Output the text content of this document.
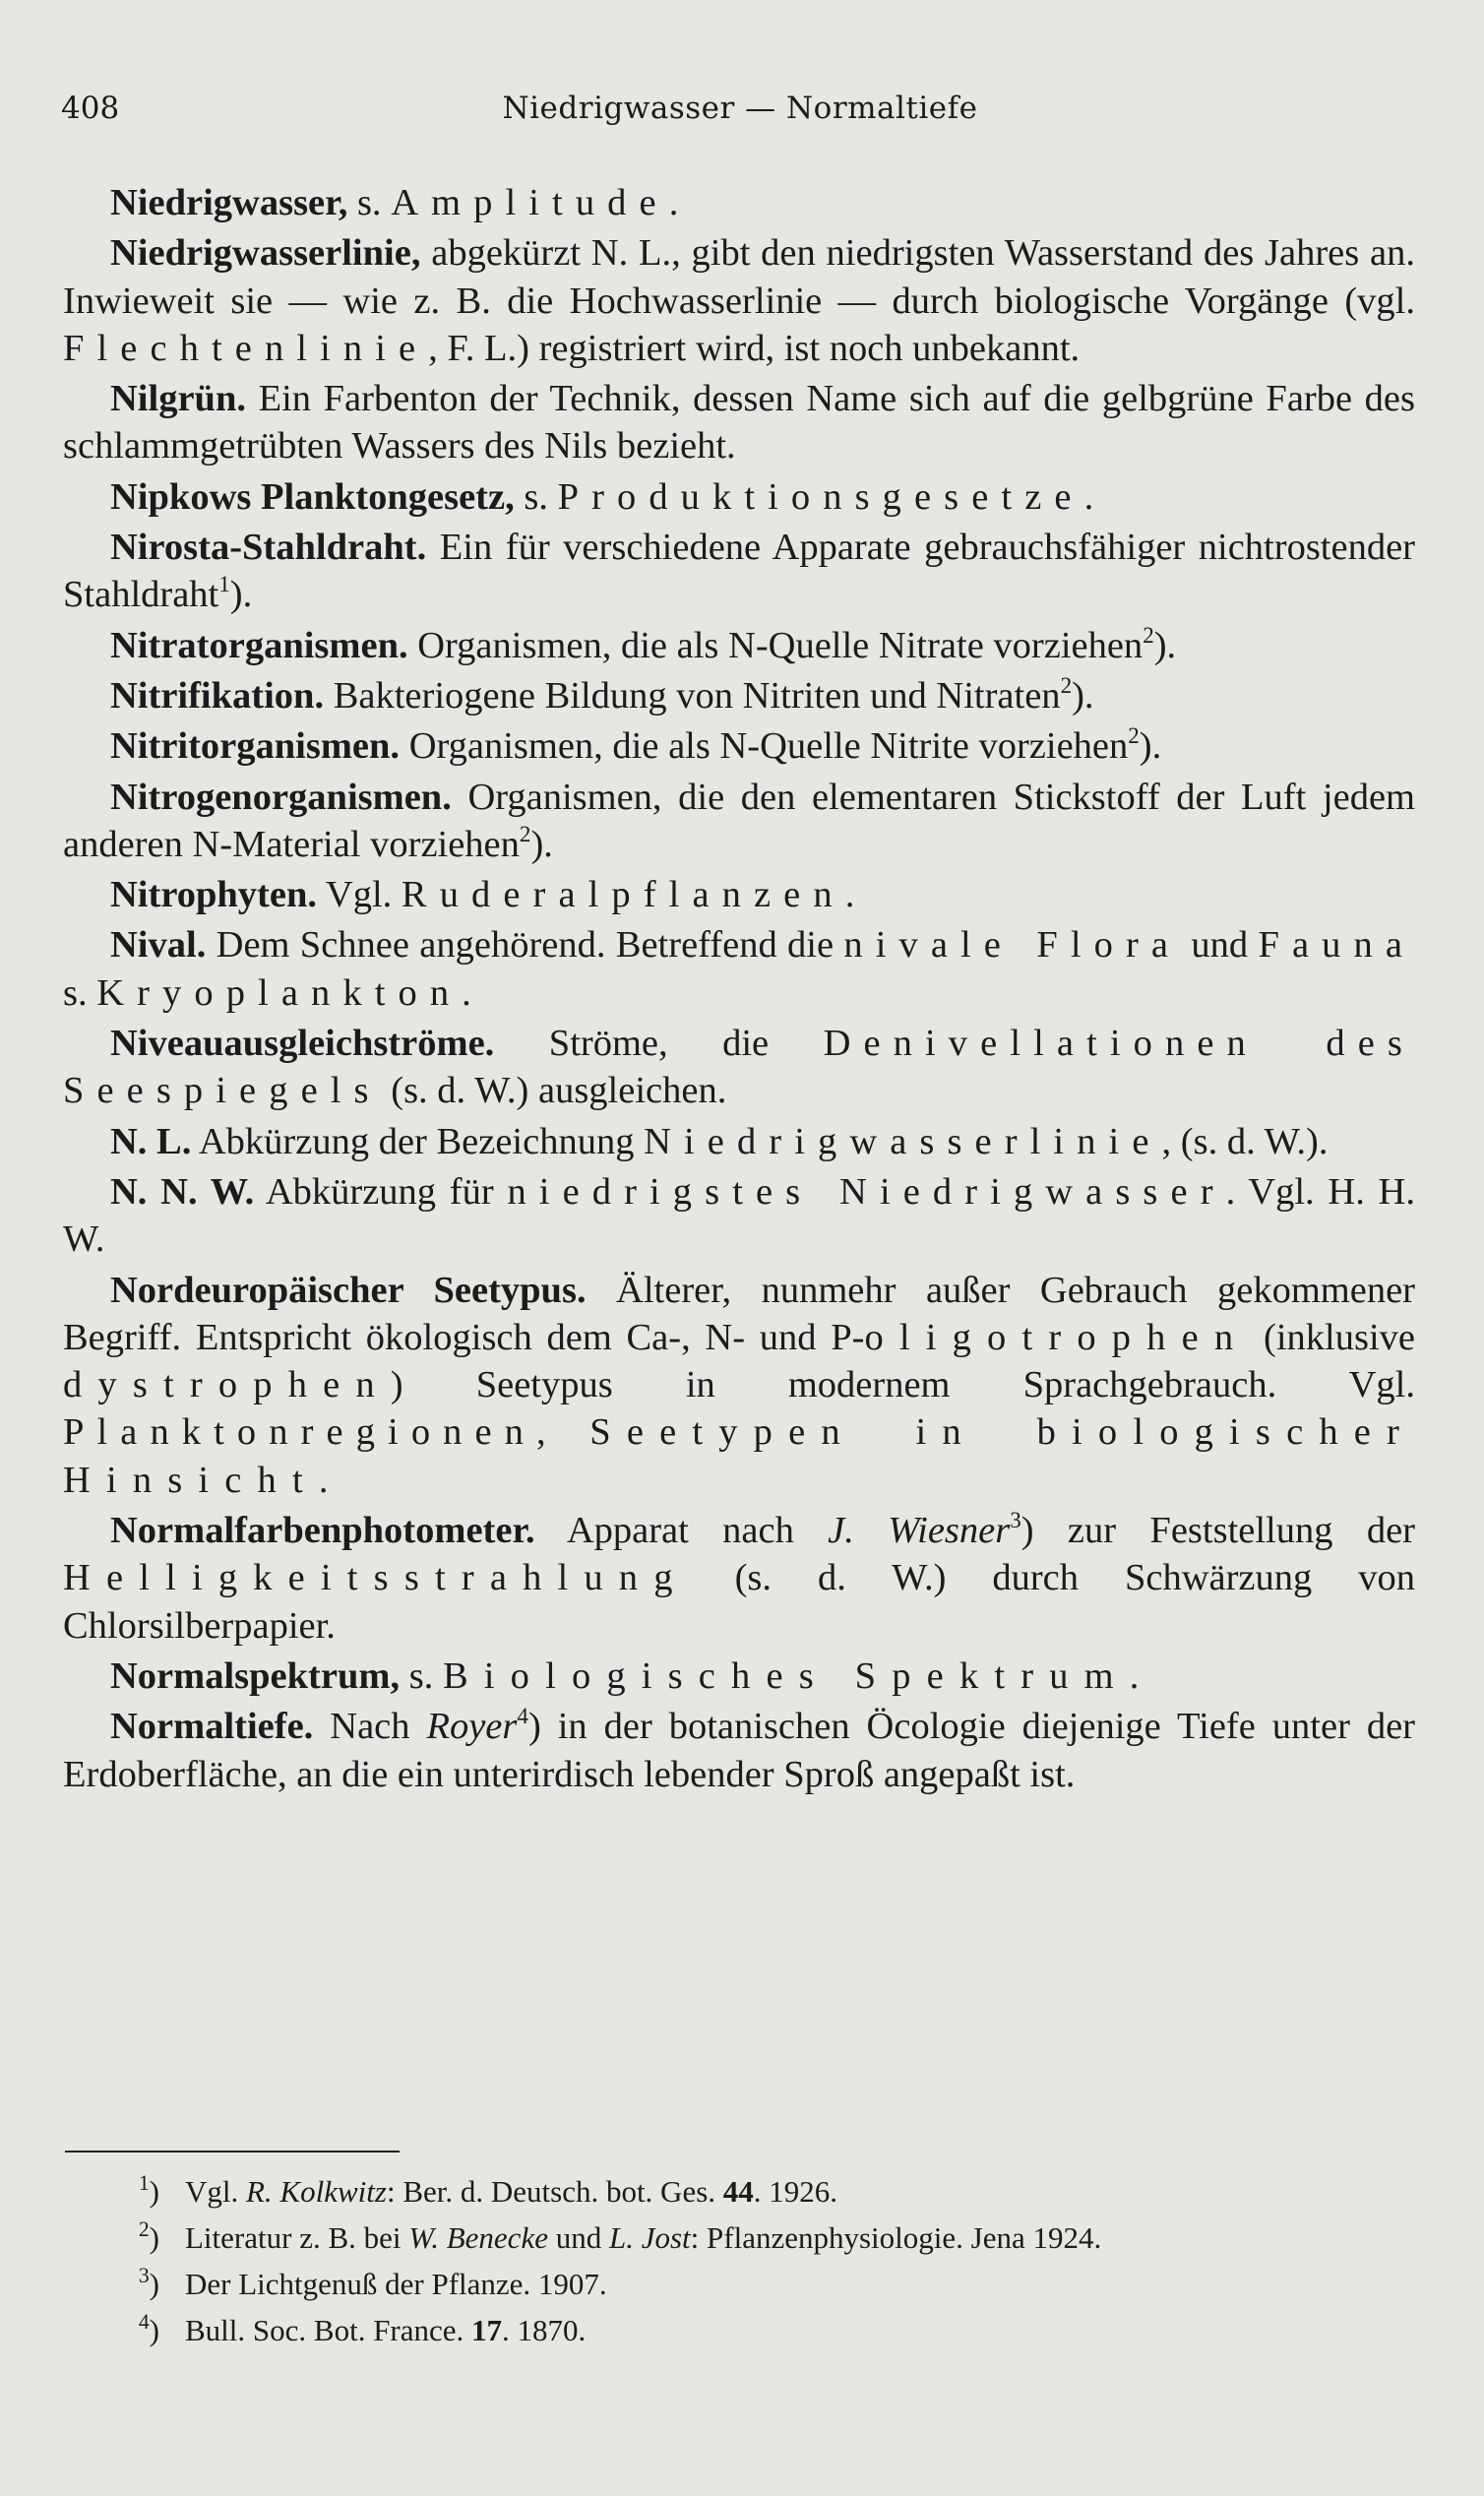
408	Niedrigwasser — Normaltiefe

Niedrigwasser, s. Amplitude.

Niedrigwasserlinie, abgekürzt N. L., gibt den niedrigsten Wasserstand des Jahres an. Inwieweit sie — wie z. B. die Hochwasserlinie — durch biologische Vorgänge (vgl. Flechtenlinie, F. L.) registriert wird, ist noch unbekannt.

Nilgrün. Ein Farbenton der Technik, dessen Name sich auf die gelbgrüne Farbe des schlammgetrübten Wassers des Nils bezieht.

Nipkows Planktongesetz, s. Produktionsgesetze.

Nirosta-Stahldraht. Ein für verschiedene Apparate gebrauchsfähiger nichtrostender Stahldraht$^1$).

Nitratorganismen. Organismen, die als N-Quelle Nitrate vorziehen$^2$).

Nitrifikation. Bakteriogene Bildung von Nitriten und Nitraten$^2$).

Nitritorganismen. Organismen, die als N-Quelle Nitrite vorziehen$^2$).

Nitrogenorganismen. Organismen, die den elementaren Stickstoff der Luft jedem anderen N-Material vorziehen$^2$).

Nitrophyten. Vgl. Ruderalpflanzen.

Nival. Dem Schnee angehörend. Betreffend die nivale Flora und Fauna s. Kryoplankton.

Niveauausgleichströme. Ströme, die Denivellationen des Seespiegels (s. d. W.) ausgleichen.

N. L. Abkürzung der Bezeichnung Niedrigwasserlinie, (s. d. W.).

N. N. W. Abkürzung für niedrigstes Niedrigwasser. Vgl. H. H. W.

Nordeuropäischer Seetypus. Älterer, nunmehr außer Gebrauch gekommener Begriff. Entspricht ökologisch dem Ca-, N- und P-oligotrophen (inklusive dystrophen) Seetypus in modernem Sprachgebrauch. Vgl. Planktonregionen, Seetypen in biologischer Hinsicht.

Normalfarbenphotometer. Apparat nach J. Wiesner$^3$) zur Feststellung der Helligkeitsstrahlung (s. d. W.) durch Schwärzung von Chlorsilberpapier.

Normalspektrum, s. Biologisches Spektrum.

Normaltiefe. Nach Royer$^4$) in der botanischen Öcologie diejenige Tiefe unter der Erdoberfläche, an die ein unterirdisch lebender Sproß angepaßt ist.

$^1$) Vgl. R. Kolkwitz: Ber. d. Deutsch. bot. Ges. 44. 1926.
$^2$) Literatur z. B. bei W. Benecke und L. Jost: Pflanzenphysiologie. Jena 1924.
$^3$) Der Lichtgenuß der Pflanze. 1907.
$^4$) Bull. Soc. Bot. France. 17. 1870.
